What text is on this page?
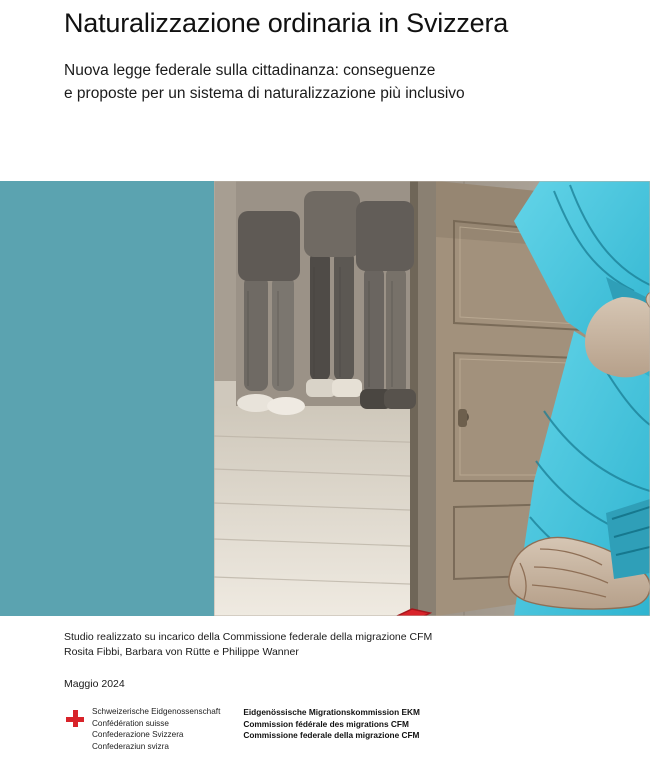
Naturalizzazione ordinaria in Svizzera

Nuova legge federale sulla cittadinanza: conseguenze
e proposte per un sistema di naturalizzazione più inclusivo

Studio realizzato su incarico della Commissione federale della migrazione CFM

Rosita Fibbi, Barbara von Rütte e Philippe Wanner

Maggio 2024

Schweizerische Eidgenossenschaft
Confédération suisse
Confederazione Svizzera
Confederaziun svizra
Eidgenössische Migrationskommission EKM
Commission fédérale des migrations CFM
Commissione federale della migrazione CFM
